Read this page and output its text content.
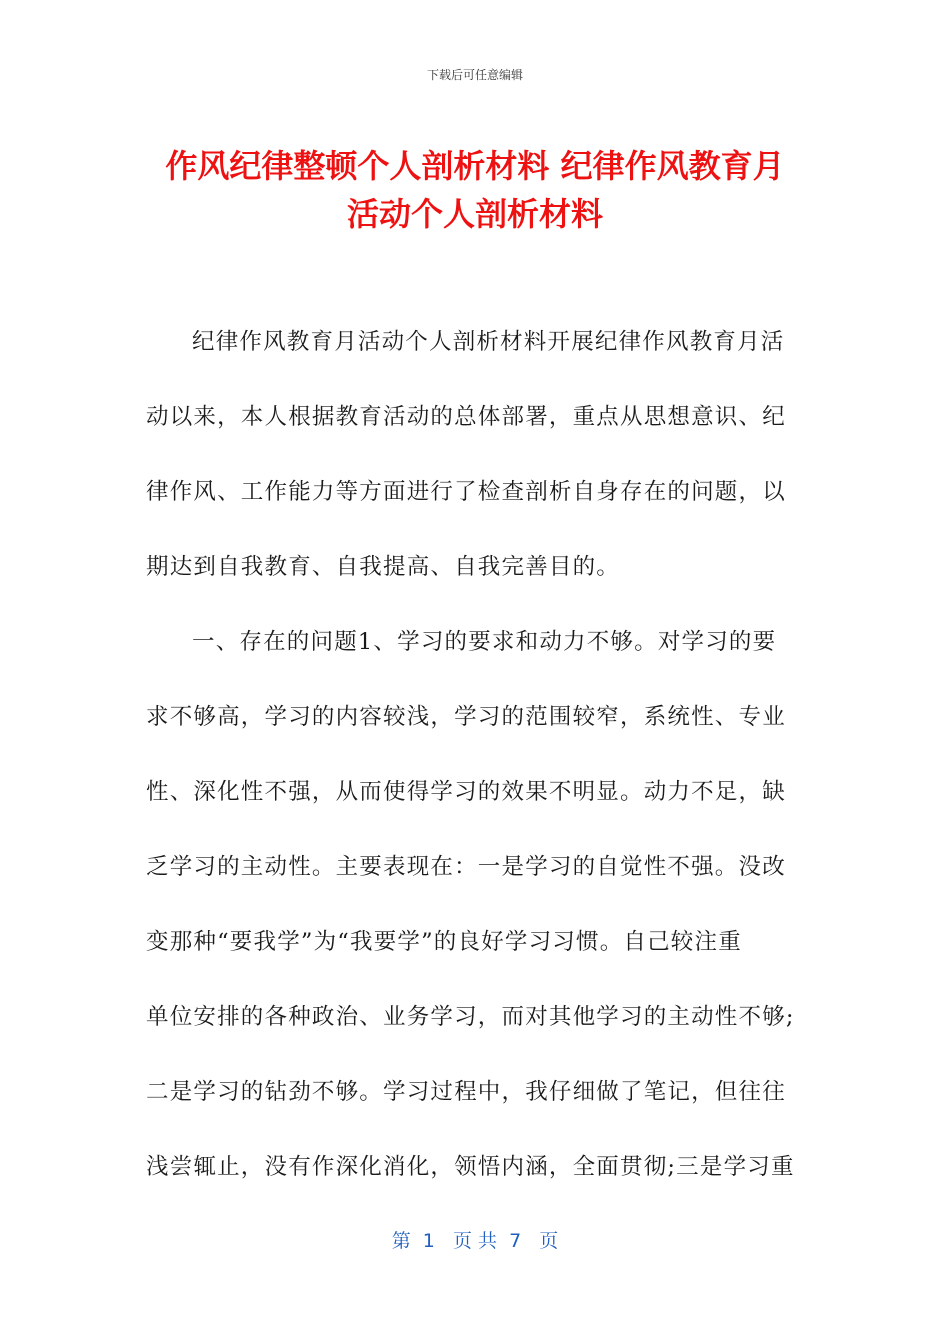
下载后可任意编辑
作风纪律整顿个人剖析材料 纪律作风教育月
活动个人剖析材料
纪律作风教育月活动个人剖析材料开展纪律作风教育月活
动以来，本人根据教育活动的总体部署，重点从思想意识、纪
律作风、工作能力等方面进行了检查剖析自身存在的问题，以
期达到自我教育、自我提高、自我完善目的。
一、存在的问题1、学习的要求和动力不够。对学习的要
求不够高，学习的内容较浅，学习的范围较窄，系统性、专业
性、深化性不强，从而使得学习的效果不明显。动力不足，缺
乏学习的主动性。主要表现在：一是学习的自觉性不强。没改
变那种“要我学”为“我要学”的良好学习习惯。自己较注重
单位安排的各种政治、业务学习，而对其他学习的主动性不够;
二是学习的钻劲不够。学习过程中，我仔细做了笔记，但往往
浅尝辄止，没有作深化消化，领悟内涵，全面贯彻;三是学习重
第  1   页 共  7   页
